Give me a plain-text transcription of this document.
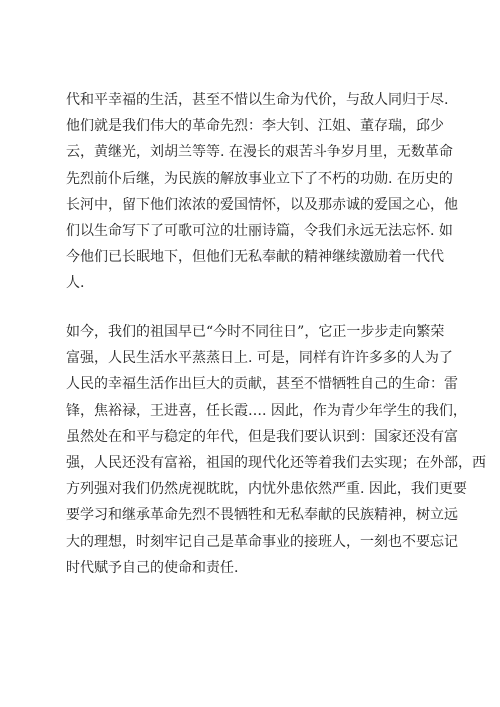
代和平幸福的生活，甚至不惜以生命为代价，与敌人同归于尽.
他们就是我们伟大的革命先烈：李大钊、江姐、董存瑞，邱少
云，黄继光，刘胡兰等等. 在漫长的艰苦斗争岁月里，无数革命
先烈前仆后继，为民族的解放事业立下了不朽的功勋. 在历史的
长河中，留下他们浓浓的爱国情怀，以及那赤诚的爱国之心，他
们以生命写下了可歌可泣的壮丽诗篇，令我们永远无法忘怀. 如
今他们已长眠地下，但他们无私奉献的精神继续激励着一代代
人.
如今，我们的祖国早已“今时不同往日”，它正一步步走向繁荣
富强，人民生活水平蒸蒸日上. 可是，同样有许许多多的人为了
人民的幸福生活作出巨大的贡献，甚至不惜牺牲自己的生命：雷
锋，焦裕禄，王进喜，任长霞…. 因此，作为青少年学生的我们，
虽然处在和平与稳定的年代，但是我们要认识到：国家还没有富
强，人民还没有富裕，祖国的现代化还等着我们去实现；在外部，西
方列强对我们仍然虎视眈眈，内忧外患依然严重. 因此，我们更要
要学习和继承革命先烈不畏牺牲和无私奉献的民族精神，树立远
大的理想，时刻牢记自己是革命事业的接班人，一刻也不要忘记
时代赋予自己的使命和责任.
